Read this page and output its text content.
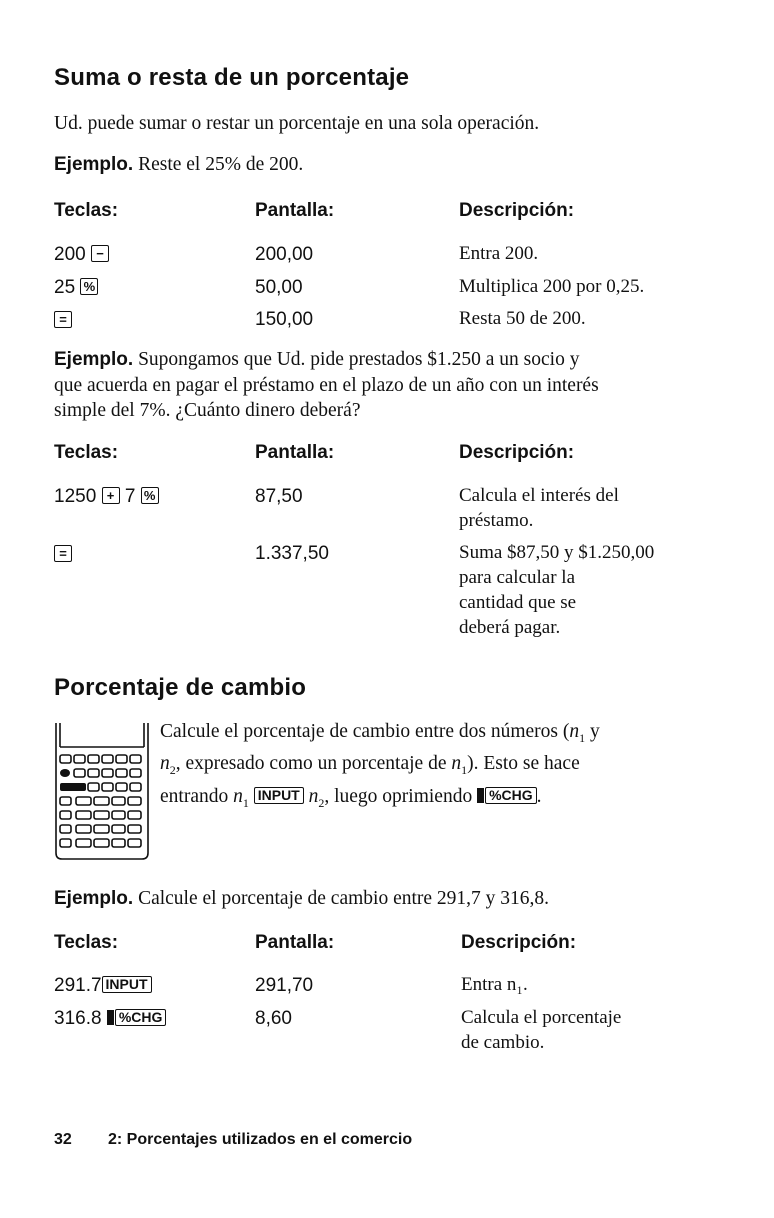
Suma o resta de un porcentaje
Ud. puede sumar o restar un porcentaje en una sola operación.
Ejemplo. Reste el 25% de 200.
Teclas:	Pantalla:	Descripción:
200 −	200,00	Entra 200.
25 %	50,00	Multiplica 200 por 0,25.
=	150,00	Resta 50 de 200.
Ejemplo. Supongamos que Ud. pide prestados $1.250 a un socio y
que acuerda en pagar el préstamo en el plazo de un año con un interés
simple del 7%. ¿Cuánto dinero deberá?
Teclas:	Pantalla:	Descripción:
1250 + 7 %	87,50	Calcula el interés del
préstamo.
=	1.337,50	Suma $87,50 y $1.250,00
para calcular la
cantidad que se
deberá pagar.
Porcentaje de cambio
Calcule el porcentaje de cambio entre dos números ($n_1$ y
$n_2$, expresado como un porcentaje de $n_1$). Esto se hace
entrando $n_1$ INPUT $n_2$, luego oprimiendo %CHG .
Ejemplo. Calcule el porcentaje de cambio entre 291,7 y 316,8.
Teclas:	Pantalla:	Descripción:
291.7 INPUT	291,70	Entra n₁.
316.8 %CHG	8,60	Calcula el porcentaje
de cambio.
32 2: Porcentajes utilizados en el comercio
